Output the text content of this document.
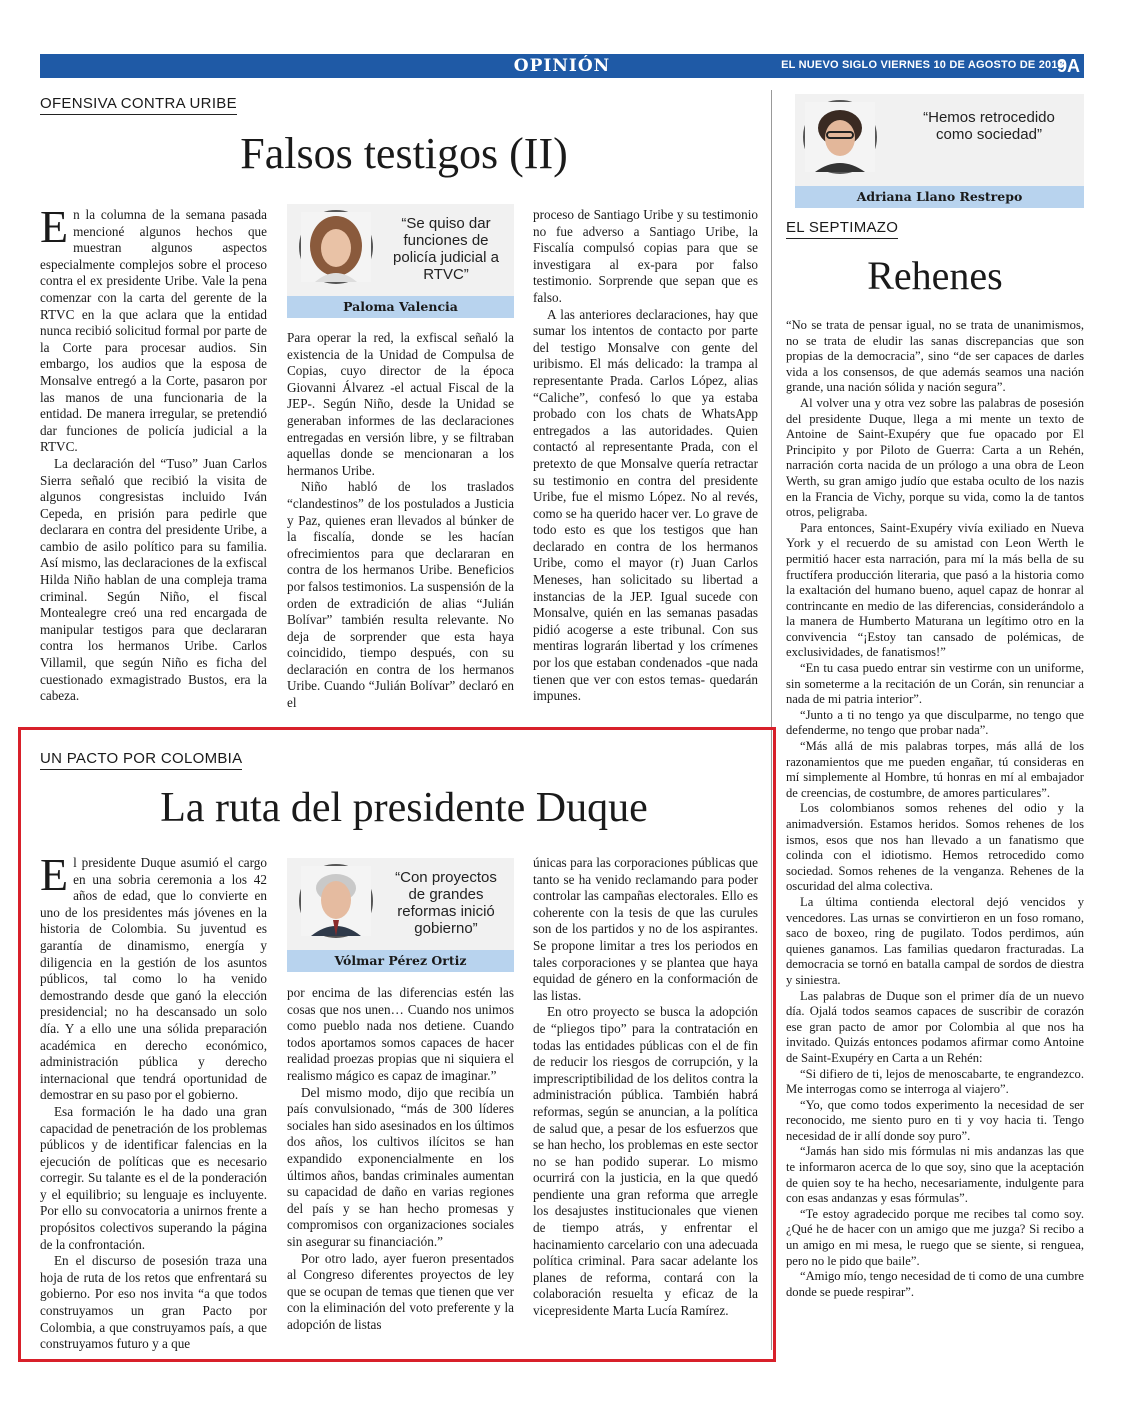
OPINIÓN	EL NUEVO SIGLO VIERNES 10 DE AGOSTO DE 2018
9A
OFENSIVA CONTRA URIBE
Falsos testigos (II)

En la columna de la semana pasada mencioné algunos hechos que muestran algunos aspectos especialmente complejos sobre el proceso contra el ex presidente Uribe. Vale la pena comenzar con la carta del gerente de la RTVC en la que aclara que la entidad nunca recibió solicitud formal por parte de la Corte para procesar audios. Sin embargo, los audios que la esposa de Monsalve entregó a la Corte, pasaron por las manos de una funcionaria de la entidad. De manera irregular, se pretendió dar funciones de policía judicial a la RTVC.

La declaración del “Tuso” Juan Carlos Sierra señaló que recibió la visita de algunos congresistas incluido Iván Cepeda, en prisión para pedirle que declarara en contra del presidente Uribe, a cambio de asilo político para su familia. Así mismo, las declaraciones de la exfiscal Hilda Niño hablan de una compleja trama criminal. Según Niño, el fiscal Montealegre creó una red encargada de manipular testigos para que declararan contra los hermanos Uribe. Carlos Villamil, que según Niño es ficha del cuestionado exmagistrado Bustos, era la cabeza.

“Se quiso dar funciones de policía judicial a RTVC”
Paloma Valencia

Para operar la red, la exfiscal señaló la existencia de la Unidad de Compulsa de Copias, cuyo director de la época Giovanni Álvarez -el actual Fiscal de la JEP-. Según Niño, desde la Unidad se generaban informes de las declaraciones entregadas en versión libre, y se filtraban aquellas donde se mencionaran a los hermanos Uribe.

Niño habló de los traslados “clandestinos” de los postulados a Justicia y Paz, quienes eran llevados al búnker de la fiscalía, donde se les hacían ofrecimientos para que declararan en contra de los hermanos Uribe. Beneficios por falsos testimonios. La suspensión de la orden de extradición de alias “Julián Bolívar” también resulta relevante. No deja de sorprender que esta haya coincidido, tiempo después, con su declaración en contra de los hermanos Uribe. Cuando “Julián Bolívar” declaró en el

proceso de Santiago Uribe y su testimonio no fue adverso a Santiago Uribe, la Fiscalía compulsó copias para que se investigara al ex-para por falso testimonio. Sorprende que sepan que es falso.

A las anteriores declaraciones, hay que sumar los intentos de contacto por parte del testigo Monsalve con gente del uribismo. El más delicado: la trampa al representante Prada. Carlos López, alias “Caliche”, confesó lo que ya estaba probado con los chats de WhatsApp entregados a las autoridades. Quien contactó al representante Prada, con el pretexto de que Monsalve quería retractar su testimonio en contra del presidente Uribe, fue el mismo López. No al revés, como se ha querido hacer ver. Lo grave de todo esto es que los testigos que han declarado en contra de los hermanos Uribe, como el mayor (r) Juan Carlos Meneses, han solicitado su libertad a instancias de la JEP. Igual sucede con Monsalve, quién en las semanas pasadas pidió acogerse a este tribunal. Con sus mentiras lograrán libertad y los crímenes por los que estaban condenados -que nada tienen que ver con estos temas- quedarán impunes.

UN PACTO POR COLOMBIA
La ruta del presidente Duque

El presidente Duque asumió el cargo en una sobria ceremonia a los 42 años de edad, que lo convierte en uno de los presidentes más jóvenes en la historia de Colombia. Su juventud es garantía de dinamismo, energía y diligencia en la gestión de los asuntos públicos, tal como lo ha venido demostrando desde que ganó la elección presidencial; no ha descansado un solo día. Y a ello une una sólida preparación académica en derecho económico, administración pública y derecho internacional que tendrá oportunidad de demostrar en su paso por el gobierno.

Esa formación le ha dado una gran capacidad de penetración de los problemas públicos y de identificar falencias en la ejecución de políticas que es necesario corregir. Su talante es el de la ponderación y el equilibrio; su lenguaje es incluyente. Por ello su convocatoria a unirnos frente a propósitos colectivos superando la página de la confrontación.

En el discurso de posesión traza una hoja de ruta de los retos que enfrentará su gobierno. Por eso nos invita “a que todos construyamos un gran Pacto por Colombia, a que construyamos país, a que construyamos futuro y a que

“Con proyectos de grandes reformas inició gobierno”
Vólmar Pérez Ortiz

por encima de las diferencias estén las cosas que nos unen… Cuando nos unimos como pueblo nada nos detiene. Cuando todos aportamos somos capaces de hacer realidad proezas propias que ni siquiera el realismo mágico es capaz de imaginar.”

Del mismo modo, dijo que recibía un país convulsionado, “más de 300 líderes sociales han sido asesinados en los últimos dos años, los cultivos ilícitos se han expandido exponencialmente en los últimos años, bandas criminales aumentan su capacidad de daño en varias regiones del país y se han hecho promesas y compromisos con organizaciones sociales sin asegurar su financiación.”

Por otro lado, ayer fueron presentados al Congreso diferentes proyectos de ley que se ocupan de temas que tienen que ver con la eliminación del voto preferente y la adopción de listas

únicas para las corporaciones públicas que tanto se ha venido reclamando para poder controlar las campañas electorales. Ello es coherente con la tesis de que las curules son de los partidos y no de los aspirantes. Se propone limitar a tres los periodos en tales corporaciones y se plantea que haya equidad de género en la conformación de las listas.

En otro proyecto se busca la adopción de “pliegos tipo” para la contratación en todas las entidades públicas con el de fin de reducir los riesgos de corrupción, y la imprescriptibilidad de los delitos contra la administración pública. También habrá reformas, según se anuncian, a la política de salud que, a pesar de los esfuerzos que se han hecho, los problemas en este sector no se han podido superar. Lo mismo ocurrirá con la justicia, en la que quedó pendiente una gran reforma que arregle los desajustes institucionales que vienen de tiempo atrás, y enfrentar el hacinamiento carcelario con una adecuada política criminal. Para sacar adelante los planes de reforma, contará con la colaboración resuelta y eficaz de la vicepresidente Marta Lucía Ramírez.

“Hemos retrocedido como sociedad”
Adriana Llano Restrepo
EL SEPTIMAZO
Rehenes

“No se trata de pensar igual, no se trata de unanimismos, no se trata de eludir las sanas discrepancias que son propias de la democracia”, sino “de ser capaces de darles vida a los consensos, de que además seamos una nación grande, una nación sólida y nación segura”.

Al volver una y otra vez sobre las palabras de posesión del presidente Duque, llega a mi mente un texto de Antoine de Saint-Exupéry que fue opacado por El Principito y por Piloto de Guerra: Carta a un Rehén, narración corta nacida de un prólogo a una obra de Leon Werth, su gran amigo judío que estaba oculto de los nazis en la Francia de Vichy, porque su vida, como la de tantos otros, peligraba.

Para entonces, Saint-Exupéry vivía exiliado en Nueva York y el recuerdo de su amistad con Leon Werth le permitió hacer esta narración, para mí la más bella de su fructífera producción literaria, que pasó a la historia como la exaltación del humano bueno, aquel capaz de honrar al contrincante en medio de las diferencias, considerándolo a la manera de Humberto Maturana un legítimo otro en la convivencia “¡Estoy tan cansado de polémicas, de exclusividades, de fanatismos!”

“En tu casa puedo entrar sin vestirme con un uniforme, sin someterme a la recitación de un Corán, sin renunciar a nada de mi patria interior”.

“Junto a ti no tengo ya que disculparme, no tengo que defenderme, no tengo que probar nada”.

“Más allá de mis palabras torpes, más allá de los razonamientos que me pueden engañar, tú consideras en mí simplemente al Hombre, tú honras en mí al embajador de creencias, de costumbre, de amores particulares”.

Los colombianos somos rehenes del odio y la animadversión. Estamos heridos. Somos rehenes de los ismos, esos que nos han llevado a un fanatismo que colinda con el idiotismo. Hemos retrocedido como sociedad. Somos rehenes de la venganza. Rehenes de la oscuridad del alma colectiva.

La última contienda electoral dejó vencidos y vencedores. Las urnas se convirtieron en un foso romano, saco de boxeo, ring de pugilato. Todos perdimos, aún quienes ganamos. Las familias quedaron fracturadas. La democracia se tornó en batalla campal de sordos de diestra y siniestra.

Las palabras de Duque son el primer día de un nuevo día. Ojalá todos seamos capaces de suscribir de corazón ese gran pacto de amor por Colombia al que nos ha invitado. Quizás entonces podamos afirmar como Antoine de Saint-Exupéry en Carta a un Rehén:

“Si difiero de ti, lejos de menoscabarte, te engrandezco. Me interrogas como se interroga al viajero”.

“Yo, que como todos experimento la necesidad de ser reconocido, me siento puro en ti y voy hacia ti. Tengo necesidad de ir allí donde soy puro”.

“Jamás han sido mis fórmulas ni mis andanzas las que te informaron acerca de lo que soy, sino que la aceptación de quien soy te ha hecho, necesariamente, indulgente para con esas andanzas y esas fórmulas”.

“Te estoy agradecido porque me recibes tal como soy. ¿Qué he de hacer con un amigo que me juzga? Si recibo a un amigo en mi mesa, le ruego que se siente, si renguea, pero no le pido que baile”.

“Amigo mío, tengo necesidad de ti como de una cumbre donde se puede respirar”.
